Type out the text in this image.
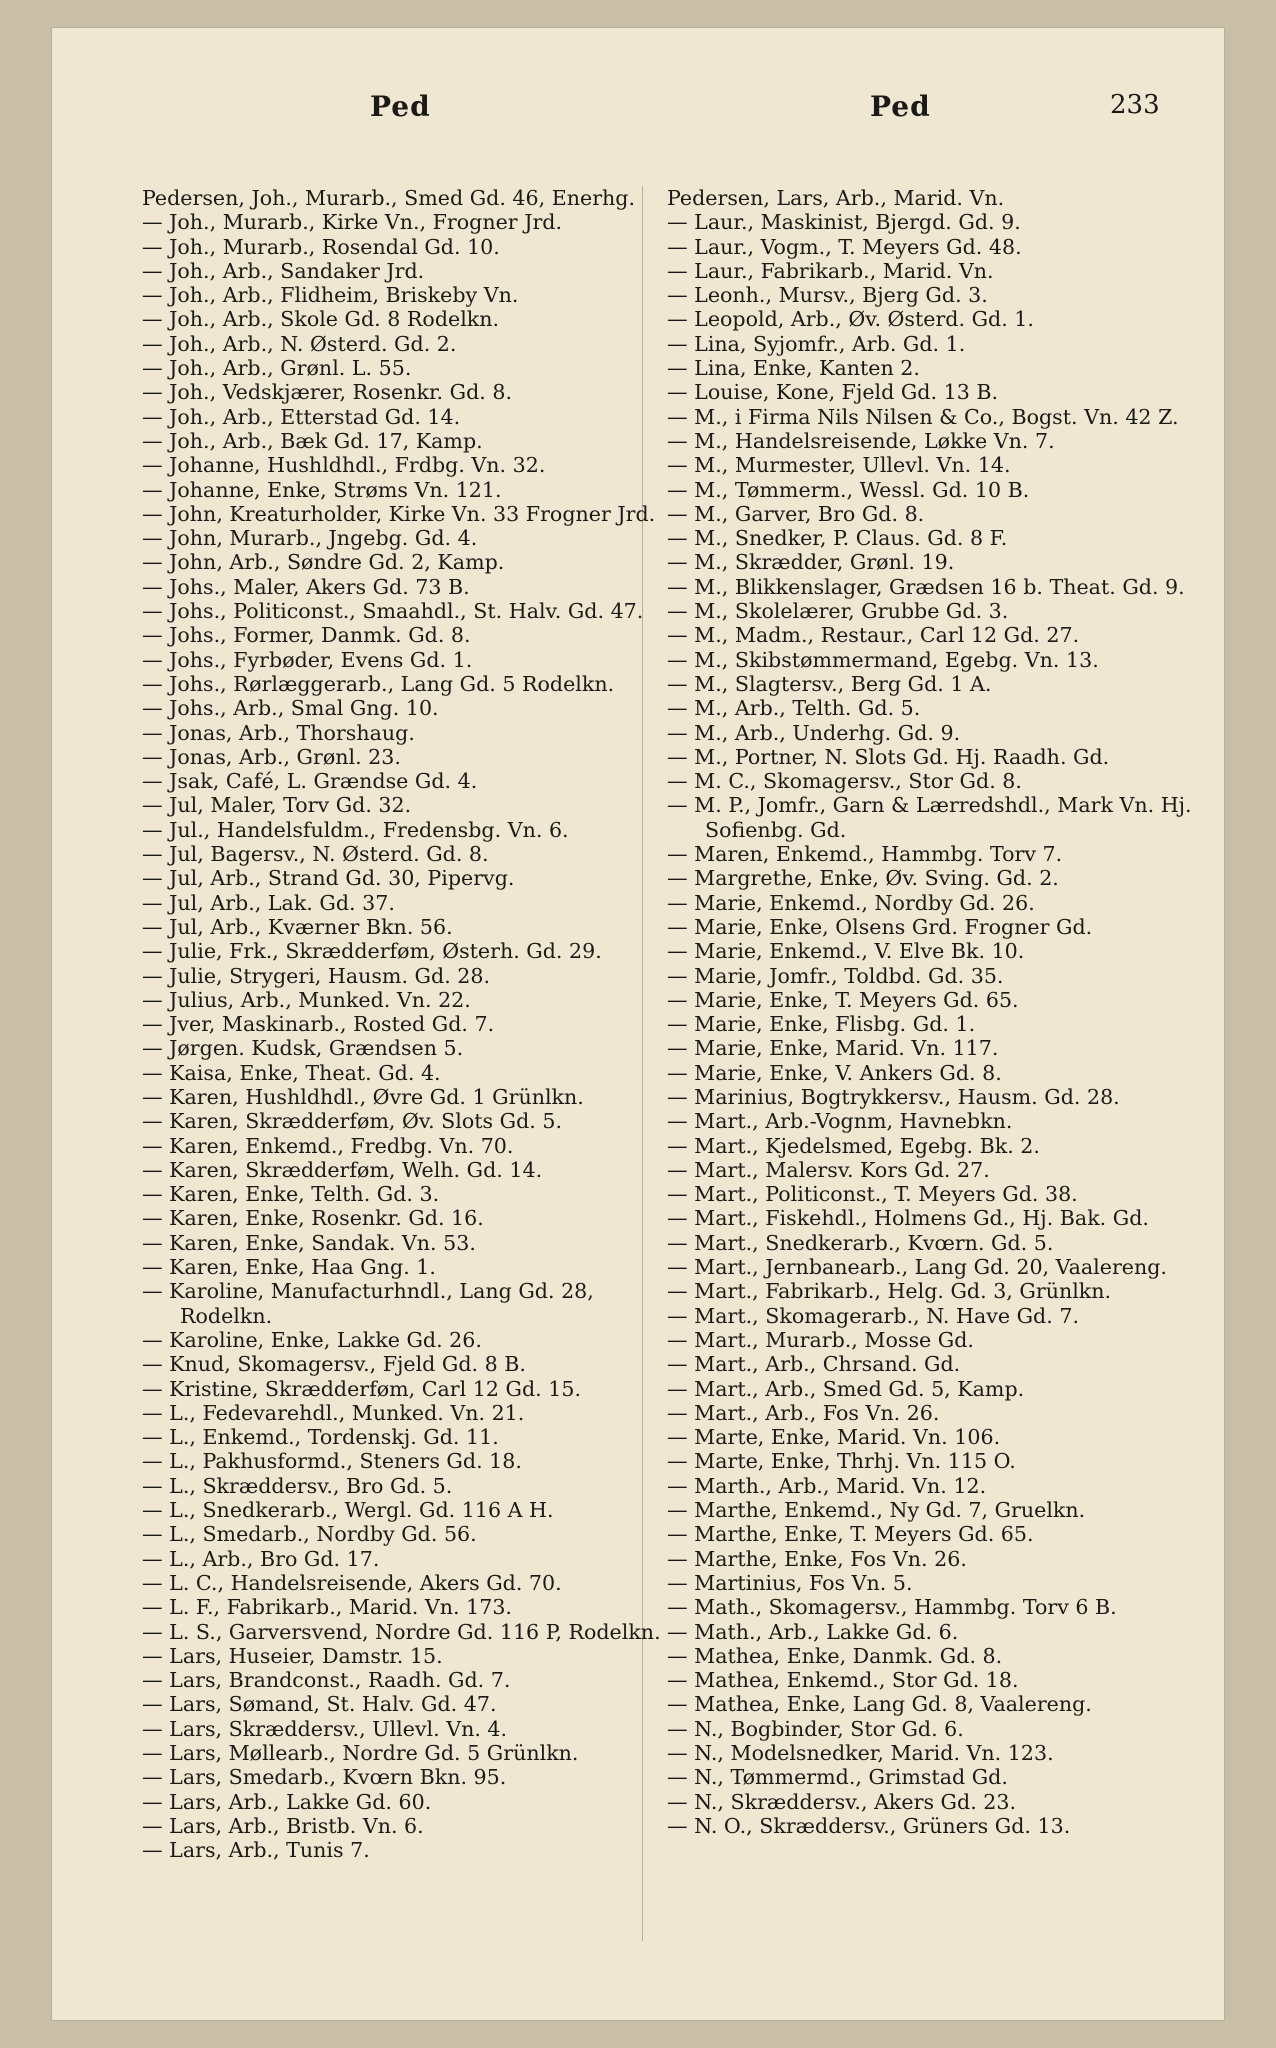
Ped	Ped	233
Pedersen, Joh., Murarb., Smed Gd. 46, Enerhg.
— Joh., Murarb., Kirke Vn., Frogner Jrd.
— Joh., Murarb., Rosendal Gd. 10.
— Joh., Arb., Sandaker Jrd.
— Joh., Arb., Flidheim, Briskeby Vn.
— Joh., Arb., Skole Gd. 8 Rodelkn.
— Joh., Arb., N. Østerd. Gd. 2.
— Joh., Arb., Grønl. L. 55.
— Joh., Vedskjærer, Rosenkr. Gd. 8.
— Joh., Arb., Etterstad Gd. 14.
— Joh., Arb., Bæk Gd. 17, Kamp.
— Johanne, Hushldhdl., Frdbg. Vn. 32.
— Johanne, Enke, Strøms Vn. 121.
— John, Kreaturholder, Kirke Vn. 33 Frogner Jrd.
— John, Murarb., Jngebg. Gd. 4.
— John, Arb., Søndre Gd. 2, Kamp.
— Johs., Maler, Akers Gd. 73 B.
— Johs., Politiconst., Smaahdl., St. Halv. Gd. 47.
— Johs., Former, Danmk. Gd. 8.
— Johs., Fyrbøder, Evens Gd. 1.
— Johs., Rørlæggerarb., Lang Gd. 5 Rodelkn.
— Johs., Arb., Smal Gng. 10.
— Jonas, Arb., Thorshaug.
— Jonas, Arb., Grønl. 23.
— Jsak, Café, L. Grændse Gd. 4.
— Jul, Maler, Torv Gd. 32.
— Jul., Handelsfuldm., Fredensbg. Vn. 6.
— Jul, Bagersv., N. Østerd. Gd. 8.
— Jul, Arb., Strand Gd. 30, Pipervg.
— Jul, Arb., Lak. Gd. 37.
— Jul, Arb., Kværner Bkn. 56.
— Julie, Frk., Skrædderføm, Østerh. Gd. 29.
— Julie, Strygeri, Hausm. Gd. 28.
— Julius, Arb., Munked. Vn. 22.
— Jver, Maskinarb., Rosted Gd. 7.
— Jørgen. Kudsk, Grændsen 5.
— Kaisa, Enke, Theat. Gd. 4.
— Karen, Hushldhdl., Øvre Gd. 1 Grünlkn.
— Karen, Skrædderføm, Øv. Slots Gd. 5.
— Karen, Enkemd., Fredbg. Vn. 70.
— Karen, Skrædderføm, Welh. Gd. 14.
— Karen, Enke, Telth. Gd. 3.
— Karen, Enke, Rosenkr. Gd. 16.
— Karen, Enke, Sandak. Vn. 53.
— Karen, Enke, Haa Gng. 1.
— Karoline, Manufacturhndl., Lang Gd. 28, Rodelkn.
— Karoline, Enke, Lakke Gd. 26.
— Knud, Skomagersv., Fjeld Gd. 8 B.
— Kristine, Skrædderføm, Carl 12 Gd. 15.
— L., Fedevarehdl., Munked. Vn. 21.
— L., Enkemd., Tordenskj. Gd. 11.
— L., Pakhusformd., Steners Gd. 18.
— L., Skræddersv., Bro Gd. 5.
— L., Snedkerarb., Wergl. Gd. 116 A H.
— L., Smedarb., Nordby Gd. 56.
— L., Arb., Bro Gd. 17.
— L. C., Handelsreisende, Akers Gd. 70.
— L. F., Fabrikarb., Marid. Vn. 173.
— L. S., Garversvend, Nordre Gd. 116 P, Rodelkn.
— Lars, Huseier, Damstr. 15.
— Lars, Brandconst., Raadh. Gd. 7.
— Lars, Sømand, St. Halv. Gd. 47.
— Lars, Skræddersv., Ullevl. Vn. 4.
— Lars, Møllearb., Nordre Gd. 5 Grünlkn.
— Lars, Smedarb., Kvœrn Bkn. 95.
— Lars, Arb., Lakke Gd. 60.
— Lars, Arb., Bristb. Vn. 6.
— Lars, Arb., Tunis 7.
Pedersen, Lars, Arb., Marid. Vn.
— Laur., Maskinist, Bjergd. Gd. 9.
— Laur., Vogm., T. Meyers Gd. 48.
— Laur., Fabrikarb., Marid. Vn.
— Leonh., Mursv., Bjerg Gd. 3.
— Leopold, Arb., Øv. Østerd. Gd. 1.
— Lina, Syjomfr., Arb. Gd. 1.
— Lina, Enke, Kanten 2.
— Louise, Kone, Fjeld Gd. 13 B.
— M., i Firma Nils Nilsen & Co., Bogst. Vn. 42 Z.
— M., Handelsreisende, Løkke Vn. 7.
— M., Murmester, Ullevl. Vn. 14.
— M., Tømmerm., Wessl. Gd. 10 B.
— M., Garver, Bro Gd. 8.
— M., Snedker, P. Claus. Gd. 8 F.
— M., Skrædder, Grønl. 19.
— M., Blikkenslager, Grædsen 16 b. Theat. Gd. 9.
— M., Skolelærer, Grubbe Gd. 3.
— M., Madm., Restaur., Carl 12 Gd. 27.
— M., Skibstømmermand, Egebg. Vn. 13.
— M., Slagtersv., Berg Gd. 1 A.
— M., Arb., Telth. Gd. 5.
— M., Arb., Underhg. Gd. 9.
— M., Portner, N. Slots Gd. Hj. Raadh. Gd.
— M. C., Skomagersv., Stor Gd. 8.
— M. P., Jomfr., Garn & Lærredshdl., Mark Vn. Hj. Sofienbg. Gd.
— Maren, Enkemd., Hammbg. Torv 7.
— Margrethe, Enke, Øv. Sving. Gd. 2.
— Marie, Enkemd., Nordby Gd. 26.
— Marie, Enke, Olsens Grd. Frogner Gd.
— Marie, Enkemd., V. Elve Bk. 10.
— Marie, Jomfr., Toldbd. Gd. 35.
— Marie, Enke, T. Meyers Gd. 65.
— Marie, Enke, Flisbg. Gd. 1.
— Marie, Enke, Marid. Vn. 117.
— Marie, Enke, V. Ankers Gd. 8.
— Marinius, Bogtrykkersv., Hausm. Gd. 28.
— Mart., Arb.-Vognm, Havnebkn.
— Mart., Kjedelsmed, Egebg. Bk. 2.
— Mart., Malersv. Kors Gd. 27.
— Mart., Politiconst., T. Meyers Gd. 38.
— Mart., Fiskehdl., Holmens Gd., Hj. Bak. Gd.
— Mart., Snedkerarb., Kvœrn. Gd. 5.
— Mart., Jernbanearb., Lang Gd. 20, Vaalereng.
— Mart., Fabrikarb., Helg. Gd. 3, Grünlkn.
— Mart., Skomagerarb., N. Have Gd. 7.
— Mart., Murarb., Mosse Gd.
— Mart., Arb., Chrsand. Gd.
— Mart., Arb., Smed Gd. 5, Kamp.
— Mart., Arb., Fos Vn. 26.
— Marte, Enke, Marid. Vn. 106.
— Marte, Enke, Thrhj. Vn. 115 O.
— Marth., Arb., Marid. Vn. 12.
— Marthe, Enkemd., Ny Gd. 7, Gruelkn.
— Marthe, Enke, T. Meyers Gd. 65.
— Marthe, Enke, Fos Vn. 26.
— Martinius, Fos Vn. 5.
— Math., Skomagersv., Hammbg. Torv 6 B.
— Math., Arb., Lakke Gd. 6.
— Mathea, Enke, Danmk. Gd. 8.
— Mathea, Enkemd., Stor Gd. 18.
— Mathea, Enke, Lang Gd. 8, Vaalereng.
— N., Bogbinder, Stor Gd. 6.
— N., Modelsnedker, Marid. Vn. 123.
— N., Tømmermd., Grimstad Gd.
— N., Skræddersv., Akers Gd. 23.
— N. O., Skræddersv., Grüners Gd. 13.
